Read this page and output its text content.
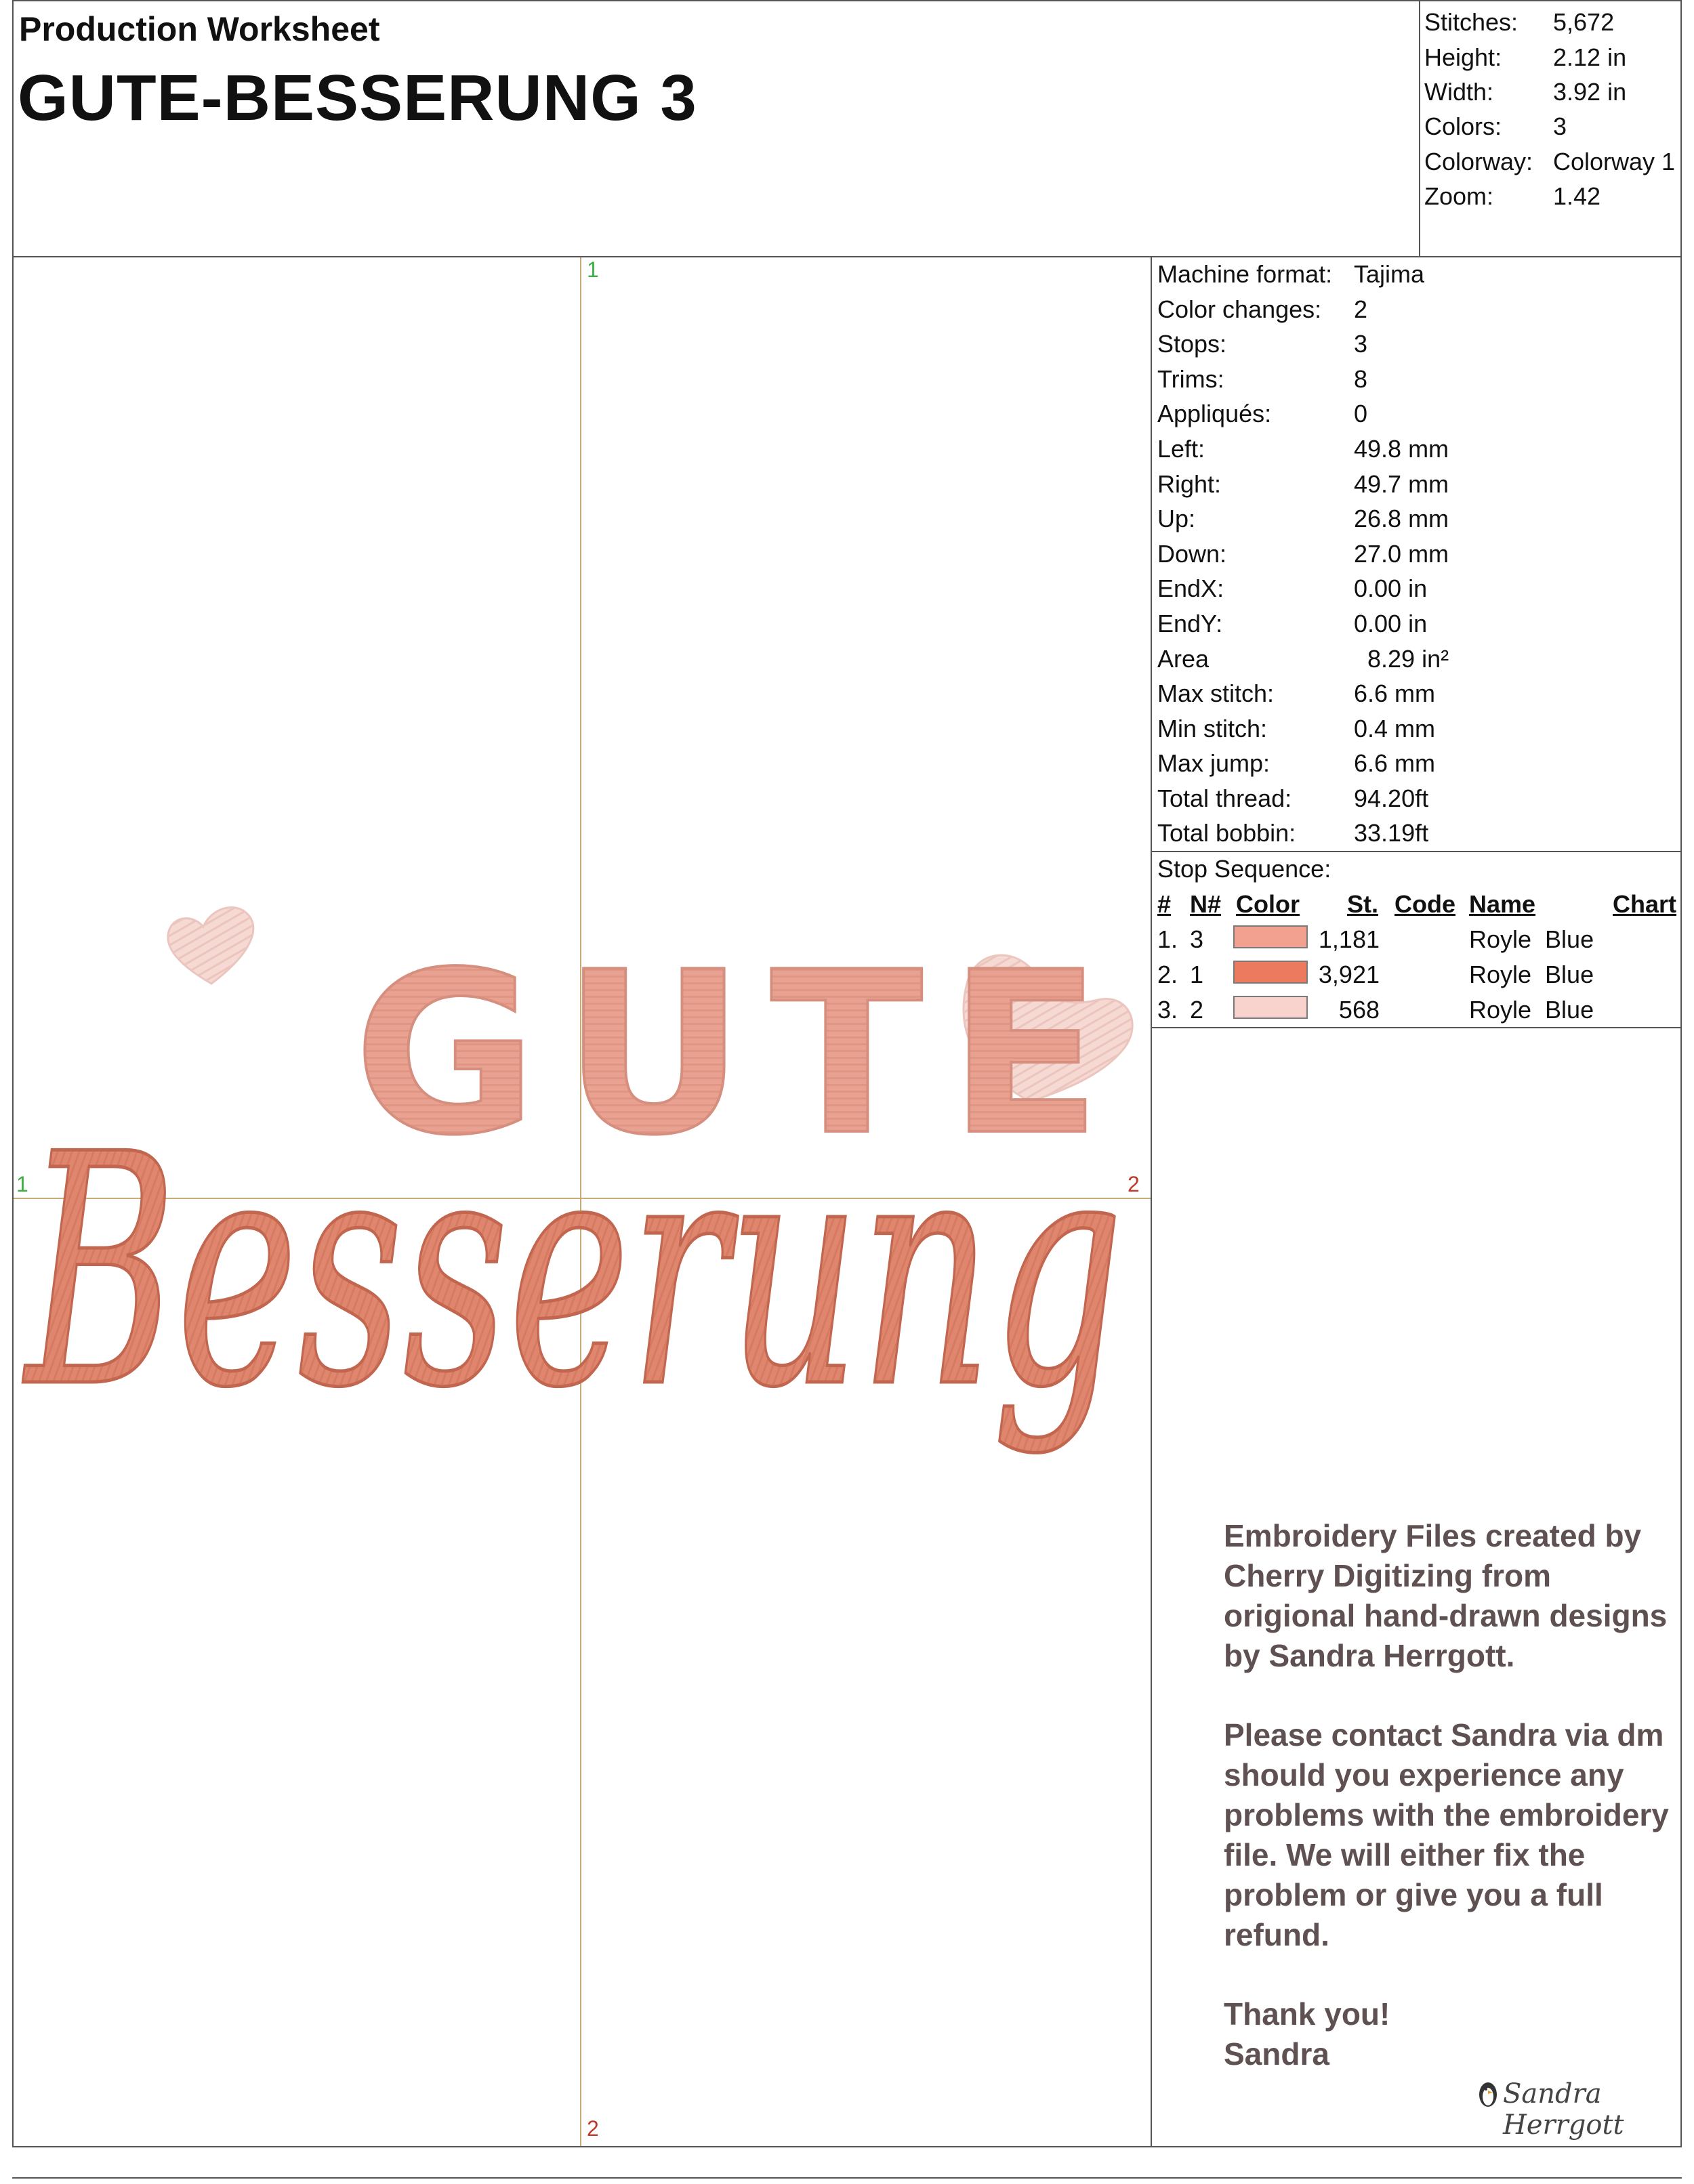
Production Worksheet
GUTE-BESSERUNG 3
Stitches: 5,672
Height: 2.12 in
Width: 3.92 in
Colors: 3
Colorway: Colorway 1
Zoom: 1.42
Machine format: Tajima
Color changes: 2
Stops:	3
Trims:	8
Appliqués:	0
Left:	49.8 mm
Right:	49.7 mm
Up:	26.8 mm
Down:	27.0 mm
EndX:	0.00 in
EndY:	0.00 in
Area	8.29 in²
Max stitch:	6.6 mm
Min stitch:	0.4 mm
Max jump:	6.6 mm
Total thread:	94.20ft
Total bobbin: 33.19ft
Stop Sequence:
# N# Color St. Code Name	Chart
1. 3	1,181	Royle  Blue
2. 1	3,921	Royle  Blue
3. 2	568	Royle  Blue
1
2
1	2
GUTE
Besserung

Embroidery Files created by Cherry Digitizing from origional hand-drawn designs by Sandra Herrgott.

Please contact Sandra via dm should you experience any problems with the embroidery file. We will either fix the problem or give you a full refund.

Thank you!
Sandra
Sandra Herrgott
